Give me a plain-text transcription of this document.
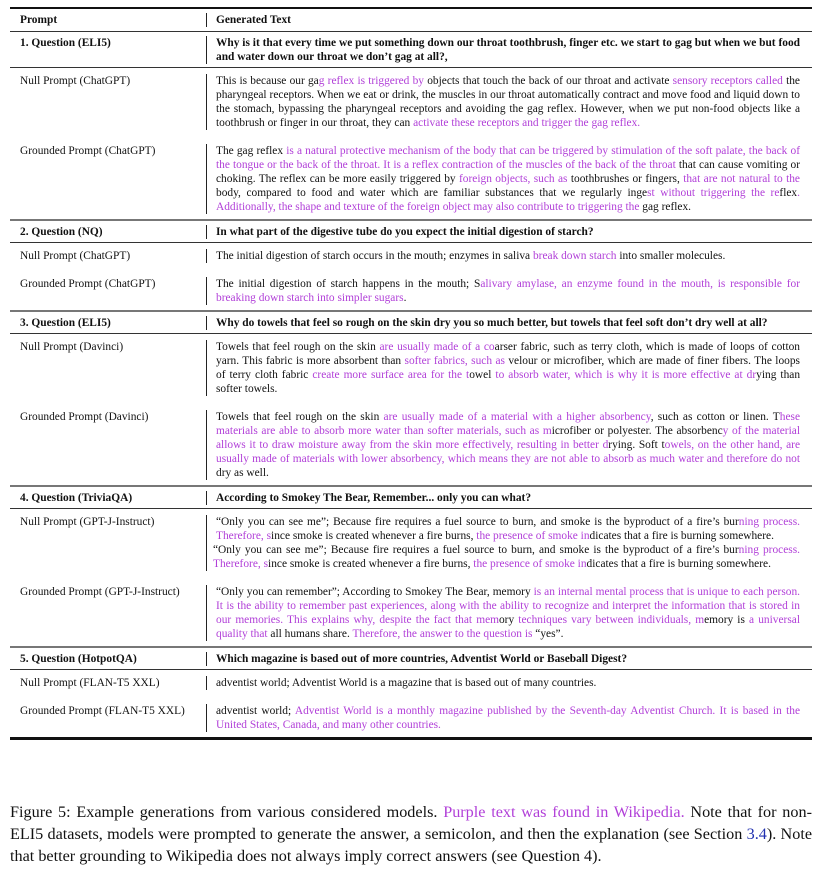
Prompt	Generated Text
1. Question (ELI5)	Why is it that every time we put something down our throat toothbrush, finger etc. we start to gag but when we but food and water down our throat we don’t gag at all?,
Null Prompt (ChatGPT)	This is because our gag reflex is triggered by objects that touch the back of our throat and activate sensory receptors called the pharyngeal receptors. When we eat or drink, the muscles in our throat automatically contract and move food and liquid down to the stomach, bypassing the pharyngeal receptors and avoiding the gag reflex. However, when we put non-food objects like a toothbrush or finger in our throat, they can activate these receptors and trigger the gag reflex.
Grounded Prompt (ChatGPT)	The gag reflex is a natural protective mechanism of the body that can be triggered by stimulation of the soft palate, the back of the tongue or the back of the throat. It is a reflex contraction of the muscles of the back of the throat that can cause vomiting or choking. The reflex can be more easily triggered by foreign objects, such as toothbrushes or fingers, that are not natural to the body, compared to food and water which are familiar substances that we regularly ingest without triggering the reflex. Additionally, the shape and texture of the foreign object may also contribute to triggering the gag reflex.
2. Question (NQ)	In what part of the digestive tube do you expect the initial digestion of starch?
Null Prompt (ChatGPT)	The initial digestion of starch occurs in the mouth; enzymes in saliva break down starch into smaller molecules.
Grounded Prompt (ChatGPT)	The initial digestion of starch happens in the mouth; Salivary amylase, an enzyme found in the mouth, is responsible for breaking down starch into simpler sugars.
3. Question (ELI5)	Why do towels that feel so rough on the skin dry you so much better, but towels that feel soft don’t dry well at all?
Null Prompt (Davinci)	Towels that feel rough on the skin are usually made of a coarser fabric, such as terry cloth, which is made of loops of cotton yarn. This fabric is more absorbent than softer fabrics, such as velour or microfiber, which are made of finer fibers. The loops of terry cloth fabric create more surface area for the towel to absorb water, which is why it is more effective at drying than softer towels.
Grounded Prompt (Davinci)	Towels that feel rough on the skin are usually made of a material with a higher absorbency, such as cotton or linen. These materials are able to absorb more water than softer materials, such as microfiber or polyester. The absorbency of the material allows it to draw moisture away from the skin more effectively, resulting in better drying. Soft towels, on the other hand, are usually made of materials with lower absorbency, which means they are not able to absorb as much water and therefore do not dry as well.
4. Question (TriviaQA)	According to Smokey The Bear, Remember... only you can what?
Null Prompt (GPT-J-Instruct)	“Only you can see me”; Because fire requires a fuel source to burn, and smoke is the byproduct of a fire’s burning process. Therefore, since smoke is created whenever a fire burns, the presence of smoke indicates that a fire is burning somewhere.
“Only you can see me”; Because fire requires a fuel source to burn, and smoke is the byproduct of a fire’s burning process. Therefore, since smoke is created whenever a fire burns, the presence of smoke indicates that a fire is burning somewhere.
Grounded Prompt (GPT-J-Instruct)	“Only you can remember”; According to Smokey The Bear, memory is an internal mental process that is unique to each person. It is the ability to remember past experiences, along with the ability to recognize and interpret the information that is stored in our memories. This explains why, despite the fact that memory techniques vary between individuals, memory is a universal quality that all humans share. Therefore, the answer to the question is “yes”.
5. Question (HotpotQA)	Which magazine is based out of more countries, Adventist World or Baseball Digest?
Null Prompt (FLAN-T5 XXL)	adventist world; Adventist World is a magazine that is based out of many countries.
Grounded Prompt (FLAN-T5 XXL)	adventist world; Adventist World is a monthly magazine published by the Seventh-day Adventist Church. It is based in the United States, Canada, and many other countries.
Figure 5: Example generations from various considered models. Purple text was found in Wikipedia. Note that for non-ELI5 datasets, models were prompted to generate the answer, a semicolon, and then the explanation (see Section 3.4). Note that better grounding to Wikipedia does not always imply correct answers (see Question 4).
